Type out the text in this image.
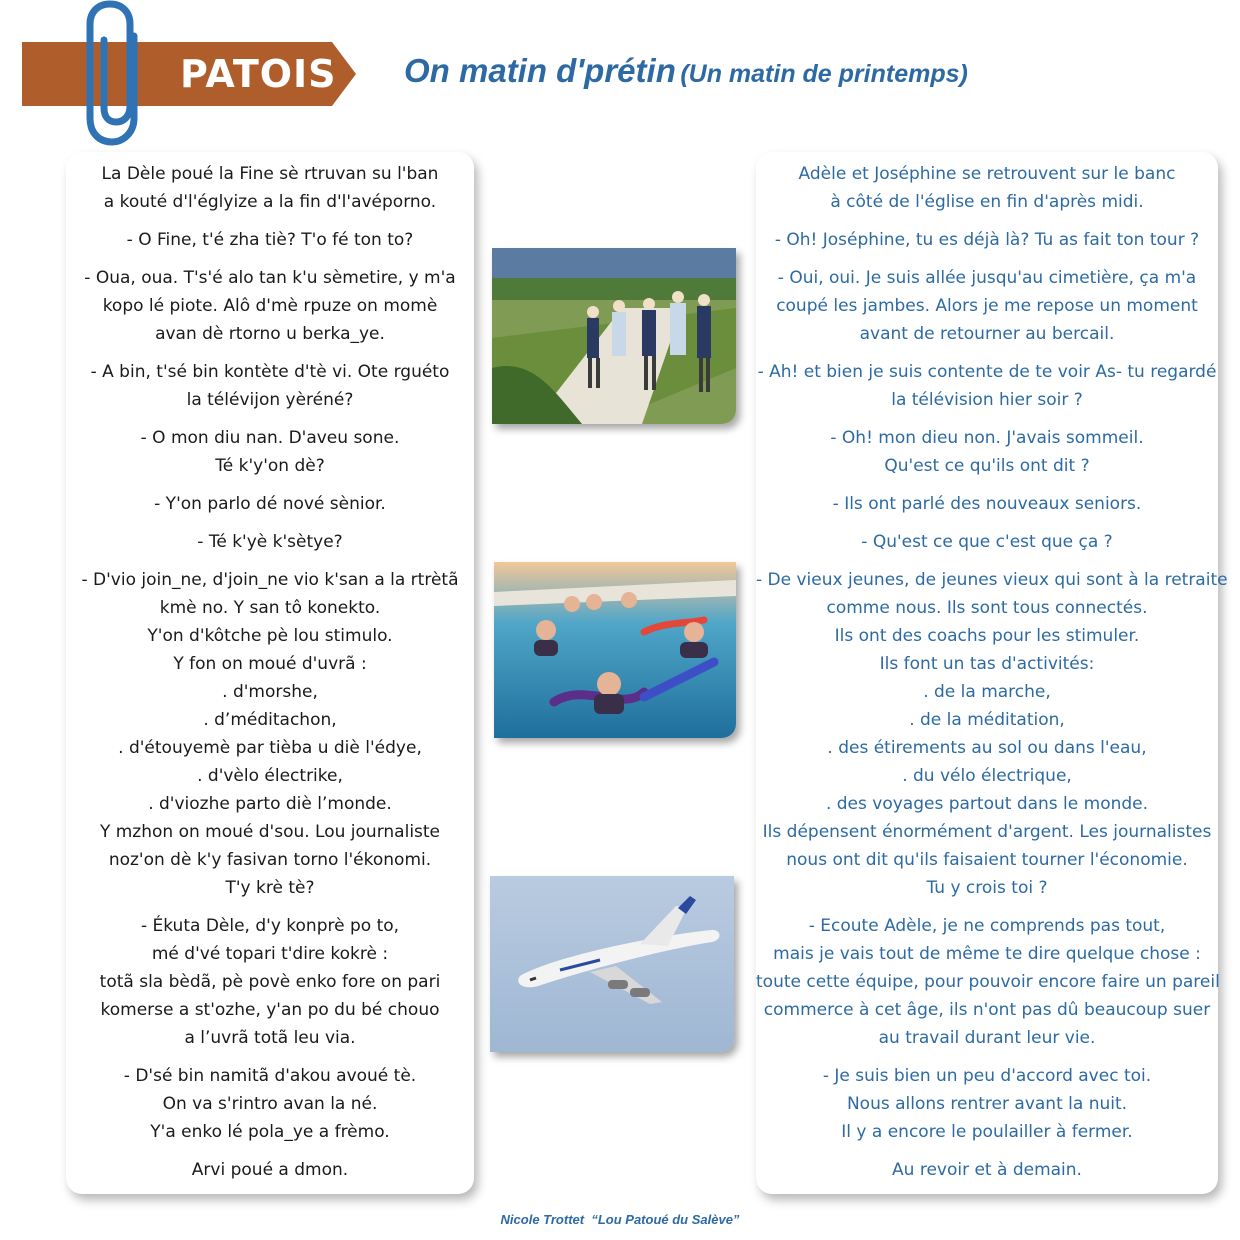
PATOIS On matin d'prétin (Un matin de printemps)
La Dèle poué la Fine sè rtruvan su l'ban
a kouté d'l'églyize a la fin d'l'avéporno.
- O Fine, t'é zha tiè? T'o fé ton to?
- Oua, oua. T's'é alo tan k'u sèmetire, y m'a
kopo lé piote. Alô d'mè rpuze on momè
avan dè rtorno u berka_ye.
- A bin, t'sé bin kontète d'tè vi. Ote rguéto
la télévijon yèréné?
- O mon diu nan. D'aveu sone.
Té k'y'on dè?
- Y'on parlo dé nové sènior.
- Té k'yè k'sètye?
- D'vio join_ne, d'join_ne vio k'san a la rtrètã
kmè no. Y san tô konekto.
Y'on d'kôtche pè lou stimulo.
Y fon on moué d'uvrã :
. d'morshe,
. d’méditachon,
. d'étouyemè par tièba u diè l'édye,
. d'vèlo électrike,
. d'viozhe parto diè l’monde.
Y mzhon on moué d'sou. Lou journaliste
noz'on dè k'y fasivan torno l'ékonomi.
T'y krè tè?
- Ékuta Dèle, d'y konprè po to,
mé d'vé topari t'dire kokrè :
totã sla bèdã, pè povè enko fore on pari
komerse a st'ozhe, y'an po du bé chouo
a l’uvrã totã leu via.
- D'sé bin namitã d'akou avoué tè.
On va s'rintro avan la né.
Y'a enko lé pola_ye a frèmo.
Arvi poué a dmon.
Adèle et Joséphine se retrouvent sur le banc
à côté de l'église en fin d'après midi.
- Oh! Joséphine, tu es déjà là? Tu as fait ton tour ?
- Oui, oui. Je suis allée jusqu'au cimetière, ça m'a
coupé les jambes. Alors je me repose un moment
avant de retourner au bercail.
- Ah! et bien je suis contente de te voir As- tu regardé
la télévision hier soir ?
- Oh! mon dieu non. J'avais sommeil.
Qu'est ce qu'ils ont dit ?
- Ils ont parlé des nouveaux seniors.
- Qu'est ce que c'est que ça ?
- De vieux jeunes, de jeunes vieux qui sont à la retraite
comme nous. Ils sont tous connectés.
Ils ont des coachs pour les stimuler.
Ils font un tas d'activités:
. de la marche,
. de la méditation,
. des étirements au sol ou dans l'eau,
. du vélo électrique,
. des voyages partout dans le monde.
Ils dépensent énormément d'argent. Les journalistes
nous ont dit qu'ils faisaient tourner l'économie.
Tu y crois toi ?
- Ecoute Adèle, je ne comprends pas tout,
mais je vais tout de même te dire quelque chose :
toute cette équipe, pour pouvoir encore faire un pareil
commerce à cet âge, ils n'ont pas dû beaucoup suer
au travail durant leur vie.
- Je suis bien un peu d'accord avec toi.
Nous allons rentrer avant la nuit.
Il y a encore le poulailler à fermer.
Au revoir et à demain.
Nicole Trottet “Lou Patoué du Salève”
